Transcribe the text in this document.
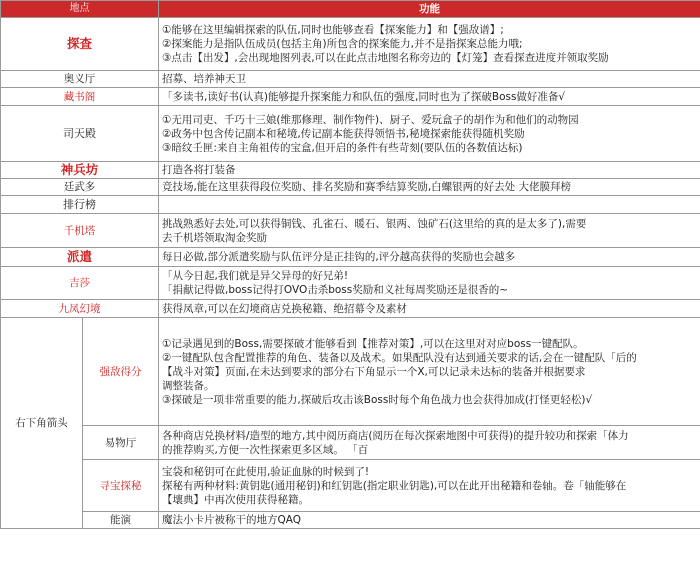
地点		功能
探查		①能够在这里编辑探索的队伍,同时也能够查看【探案能力】和【强敌谱】;
②探案能力是指队伍成员(包括主角)所包含的探案能力,并不是指探案总能力哦;
③点击【出发】,会出现地图列表,可以在此点击地图名称旁边的【灯笼】查看探查进度并领取奖励

奥义厅		招募、培养神天卫

藏书阁		「多读书,读好书(认真)能够提升探案能力和队伍的强度,同时也为了探破Boss做好准备√

司天殿		①无用司吏、千巧十三娘(维那修理、制作物件)、厨子、爱玩盒子的胡作为和他们的动物园
②政务中包含传记副本和秘境,传记副本能获得领悟书,秘境探索能获得随机奖励
③暗纹壬匣:来自主角祖传的宝盒,但开启的条件有些苛刻(要队伍的各数值达标)

神兵坊		打造各将打装备

廷武多		竞技场,能在这里获得段位奖励、排名奖励和赛季结算奖励,白螺银两的好去处 大佬膜拜榜

排行榜		

千机塔		挑战熟悉好去处,可以获得铜钱、孔雀石、暖石、银两、蚀矿石(这里给的真的是太多了),需要
去千机塔领取淘金奖励

派遣		每日必做,部分派遣奖励与队伍评分是正挂钩的,评分越高获得的奖励也会越多

吉莎		「从今日起,我们就是异父异母的好兄弟!
「捐献记得做,boss记得打OVO击杀boss奖励和义社每周奖励还是很香的~

九凤幻境		获得凤章,可以在幻境商店兑换秘籍、绝招幕令及素材

右下角箭头	强敌得分	①记录遇见到的Boss,需要探破才能够看到【推荐对策】,可以在这里对对应boss一键配队。
②一键配队包含配置推荐的角色、装备以及战术。如果配队没有达到通关要求的话,会在一键配队「后的
【战斗对策】页面,在未达到要求的部分右下角显示一个X,可以记录未达标的装备并根据要求
调整装备。
③探破是一项非常重要的能力,探破后攻击该Boss时每个角色战力也会获得加成(打怪更轻松)√

	易物厅	各种商店兑换材料/造型的地方,其中阅历商店(阅历在每次探索地图中可获得)的提升较功和探索「体力
的推荐购买,方便一次性探索更多区域。 「百

	寻宝探秘	宝袋和秘钥可在此使用,验证血脉的时候到了!
探秘有两种材料:黄钥匙(通用秘钥)和红钥匙(指定职业钥匙),可以在此开出秘籍和卷轴。卷「轴能够在
【壤典】中再次使用获得秘籍。

	能演	魔法小卡片被称干的地方QAQ
